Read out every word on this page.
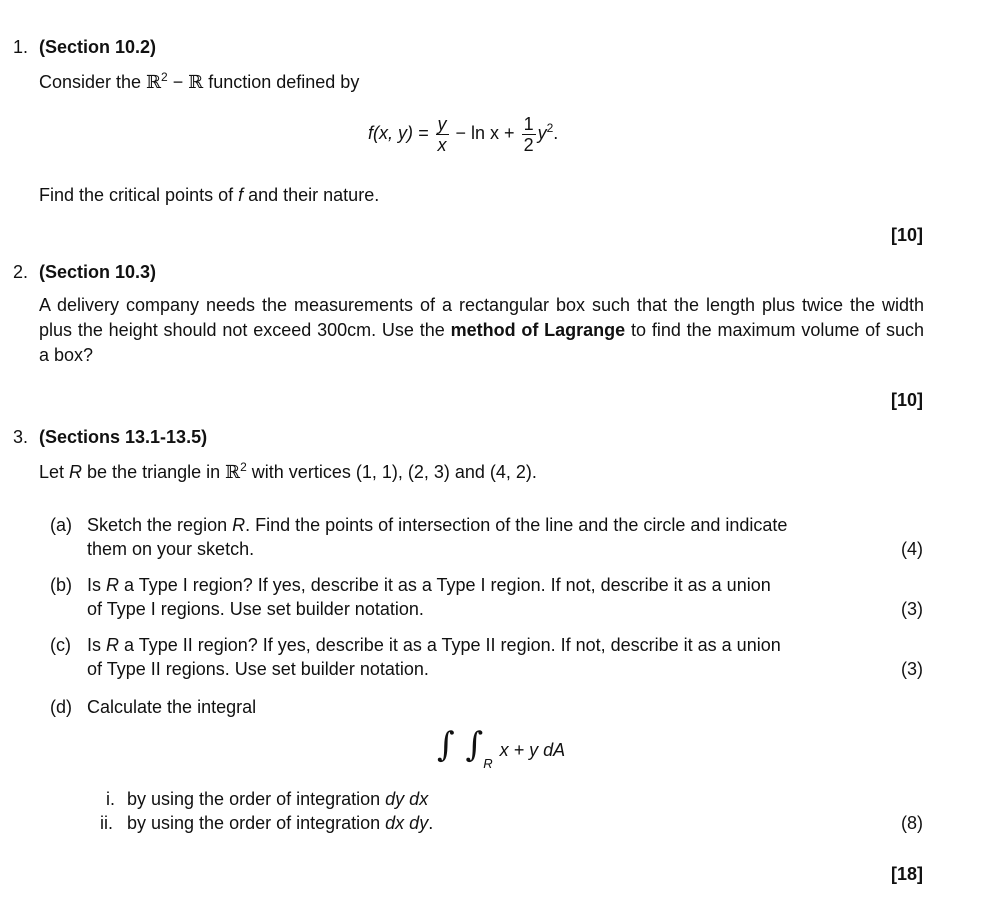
1. (Section 10.2)
Consider the ℝ$^2$ − ℝ function defined by
f(x, $y) = \frac{y}{x} - \ln x + \frac{1}{2} y^2$.
Find the critical points of f and their nature.
[10]
2. (Section 10.3)
A delivery company needs the measurements of a rectangular box such that the length plus twice the width plus the height should not exceed 300cm. Use the method of Lagrange to find the maximum volume of such a box?
[10]
3. (Sections 13.1-13.5)
Let R be the triangle in ℝ$^2$ with vertices (1, 1), (2, 3) and (4, 2).
(a) Sketch the region R. Find the points of intersection of the line and the circle and indicate
them on your sketch.	(4)
(b) Is R a Type I region? If yes, describe it as a Type I region. If not, describe it as a union
of Type I regions. Use set builder notation.	(3)
(c) Is R a Type II region? If yes, describe it as a Type II region. If not, describe it as a union
of Type II regions. Use set builder notation.	(3)
(d) Calculate the integral
∫ $\int_R$ x + y dA
i. by using the order of integration dy dx
ii. by using the order of integration dx dy.	(8)
[18]
